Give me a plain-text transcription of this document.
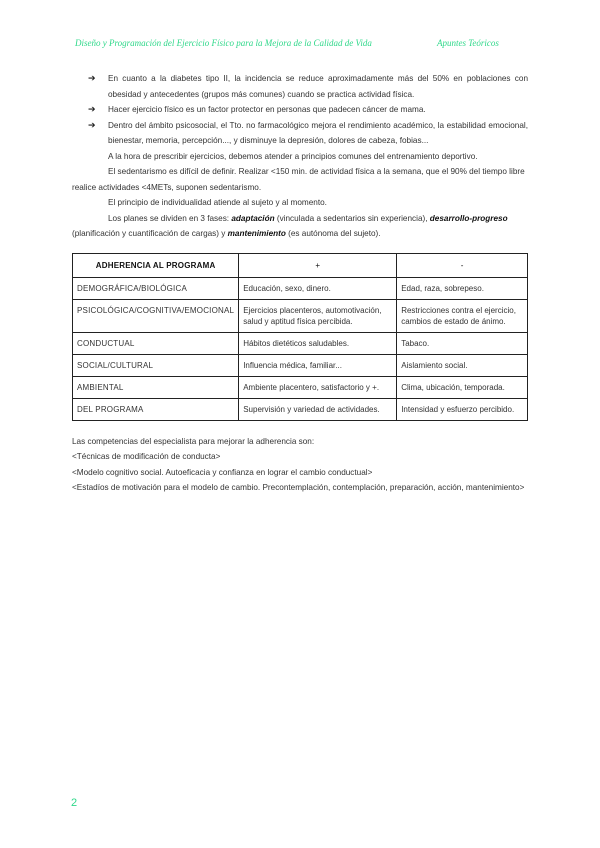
Diseño y Programación del Ejercicio Físico para la Mejora de la Calidad de Vida	Apuntes Teóricos
➔ En cuanto a la diabetes tipo II, la incidencia se reduce aproximadamente más del 50% en poblaciones con obesidad y antecedentes (grupos más comunes) cuando se practica actividad física.
➔ Hacer ejercicio físico es un factor protector en personas que padecen cáncer de mama.
➔ Dentro del ámbito psicosocial, el Tto. no farmacológico mejora el rendimiento académico, la estabilidad emocional, bienestar, memoria, percepción..., y disminuye la depresión, dolores de cabeza, fobias...
A la hora de prescribir ejercicios, debemos atender a principios comunes del entrenamiento deportivo.
El sedentarismo es difícil de definir. Realizar <150 min. de actividad física a la semana, que el 90% del tiempo libre realice actividades <4METs, suponen sedentarismo.
El principio de individualidad atiende al sujeto y al momento.
Los planes se dividen en 3 fases: adaptación (vinculada a sedentarios sin experiencia), desarrollo-progreso (planificación y cuantificación de cargas) y mantenimiento (es autónoma del sujeto).
ADHERENCIA AL PROGRAMA	+	-
DEMOGRÁFICA/BIOLÓGICA	Educación, sexo, dinero.	Edad, raza, sobrepeso.
PSICOLÓGICA/COGNITIVA/EMOCIONAL	Ejercicios placenteros, automotivación, salud y aptitud física percibida.	Restricciones contra el ejercicio, cambios de estado de ánimo.
CONDUCTUAL	Hábitos dietéticos saludables.	Tabaco.
SOCIAL/CULTURAL	Influencia médica, familiar...	Aislamiento social.
AMBIENTAL	Ambiente placentero, satisfactorio y +.	Clima, ubicación, temporada.
DEL PROGRAMA	Supervisión y variedad de actividades.	Intensidad y esfuerzo percibido.
Las competencias del especialista para mejorar la adherencia son:
<Técnicas de modificación de conducta>
<Modelo cognitivo social. Autoeficacia y confianza en lograr el cambio conductual>
<Estadíos de motivación para el modelo de cambio. Precontemplación, contemplación, preparación, acción, mantenimiento>
2
